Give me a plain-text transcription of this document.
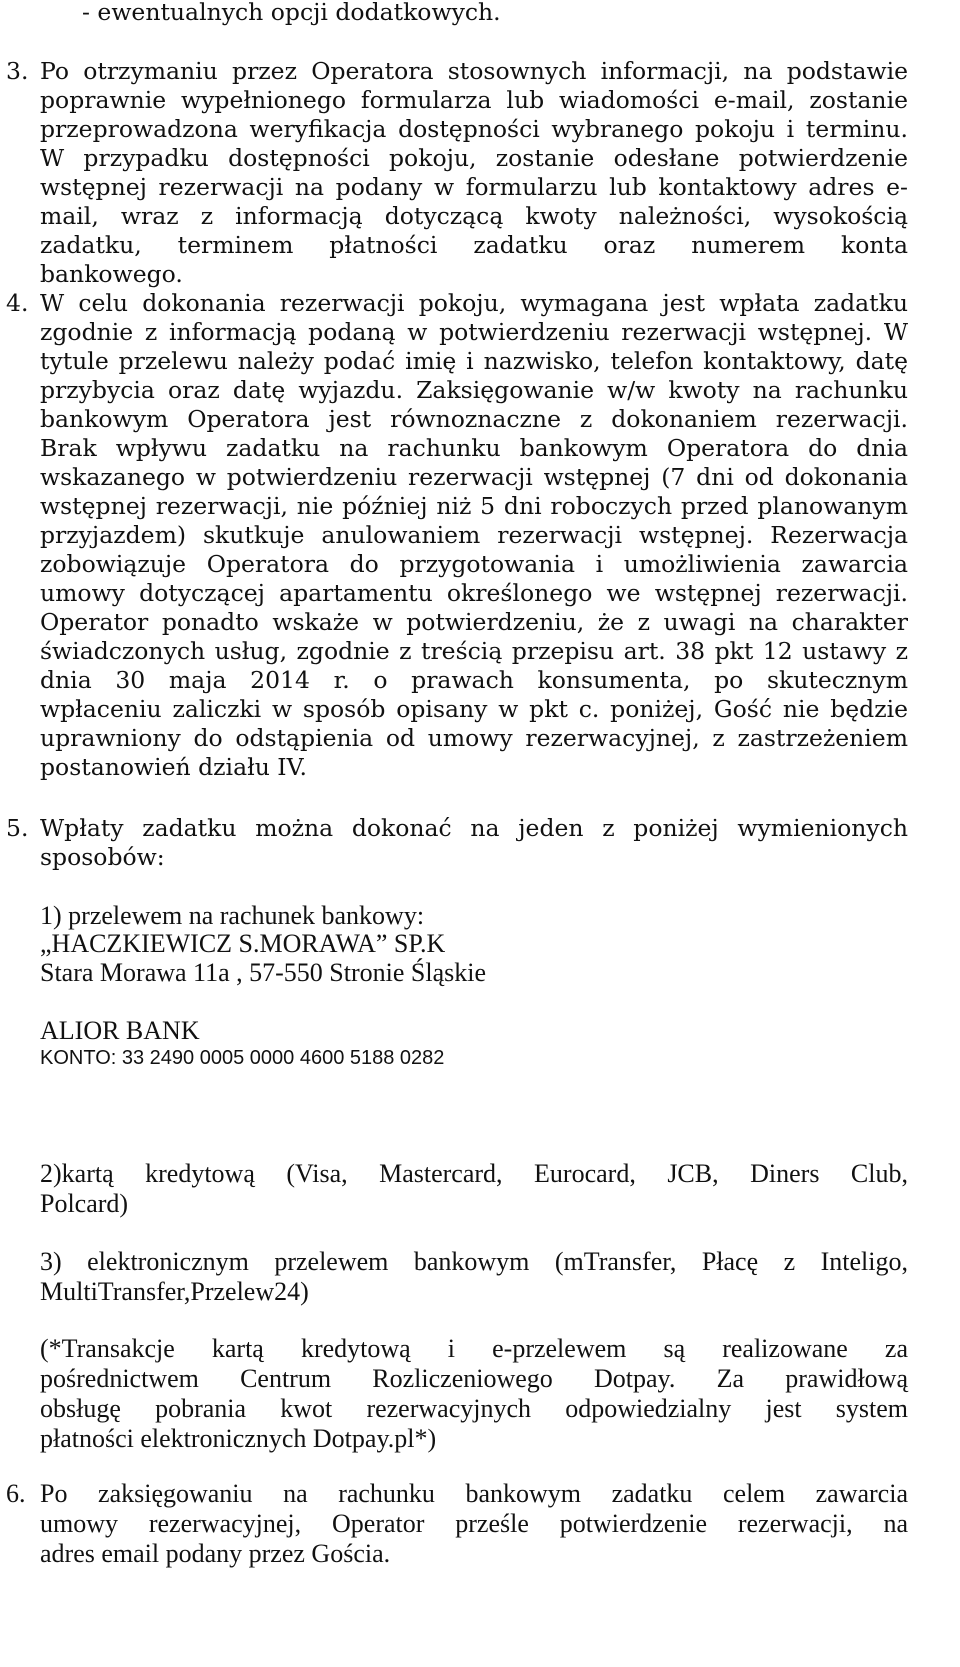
- ewentualnych opcji dodatkowych.
3. Po otrzymaniu przez Operatora stosownych informacji, na podstawie
poprawnie wypełnionego formularza lub wiadomości e-mail, zostanie
przeprowadzona weryfikacja dostępności wybranego pokoju i terminu.
W przypadku dostępności pokoju, zostanie odesłane potwierdzenie
wstępnej rezerwacji na podany w formularzu lub kontaktowy adres e-
mail, wraz z informacją dotyczącą kwoty należności, wysokością
zadatku, terminem płatności zadatku oraz numerem konta
bankowego.
4. W celu dokonania rezerwacji pokoju, wymagana jest wpłata zadatku
zgodnie z informacją podaną w potwierdzeniu rezerwacji wstępnej. W
tytule przelewu należy podać imię i nazwisko, telefon kontaktowy, datę
przybycia oraz datę wyjazdu. Zaksięgowanie w/w kwoty na rachunku
bankowym Operatora jest równoznaczne z dokonaniem rezerwacji.
Brak wpływu zadatku na rachunku bankowym Operatora do dnia
wskazanego w potwierdzeniu rezerwacji wstępnej (7 dni od dokonania
wstępnej rezerwacji, nie później niż 5 dni roboczych przed planowanym
przyjazdem) skutkuje anulowaniem rezerwacji wstępnej. Rezerwacja
zobowiązuje Operatora do przygotowania i umożliwienia zawarcia
umowy dotyczącej apartamentu określonego we wstępnej rezerwacji.
Operator ponadto wskaże w potwierdzeniu, że z uwagi na charakter
świadczonych usług, zgodnie z treścią przepisu art. 38 pkt 12 ustawy z
dnia 30 maja 2014 r. o prawach konsumenta, po skutecznym
wpłaceniu zaliczki w sposób opisany w pkt c. poniżej, Gość nie będzie
uprawniony do odstąpienia od umowy rezerwacyjnej, z zastrzeżeniem
postanowień działu IV.
5. Wpłaty zadatku można dokonać na jeden z poniżej wymienionych
sposobów:
1) przelewem na rachunek bankowy:
„HACZKIEWICZ S.MORAWA” SP.K
Stara Morawa 11a , 57-550 Stronie Śląskie
ALIOR BANK
KONTO: 33 2490 0005 0000 4600 5188 0282
2)kartą kredytową (Visa, Mastercard, Eurocard, JCB, Diners Club,
Polcard)
3) elektronicznym przelewem bankowym (mTransfer, Płacę z Inteligo,
MultiTransfer,Przelew24)
(*Transakcje kartą kredytową i e-przelewem są realizowane za
pośrednictwem Centrum Rozliczeniowego Dotpay. Za prawidłową
obsługę pobrania kwot rezerwacyjnych odpowiedzialny jest system
płatności elektronicznych Dotpay.pl*)
6. Po zaksięgowaniu na rachunku bankowym zadatku celem zawarcia
umowy rezerwacyjnej, Operator prześle potwierdzenie rezerwacji, na
adres email podany przez Gościa.
